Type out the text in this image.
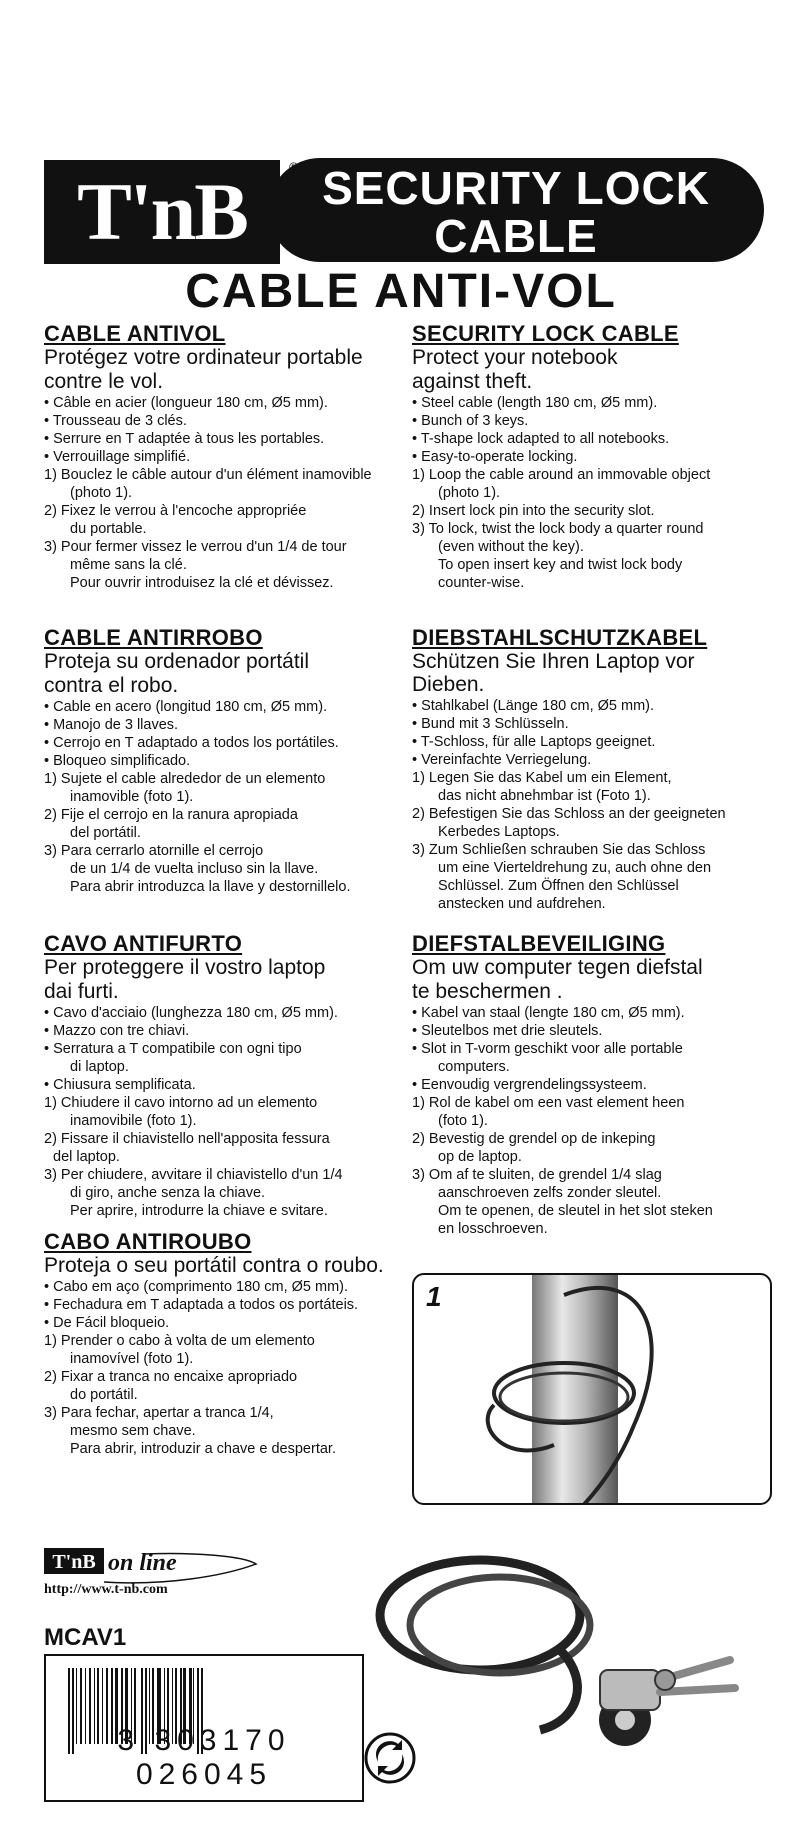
T'nB	SECURITY LOCK
CABLE
CABLE ANTI-VOL
CABLE ANTIVOL
Protégez votre ordinateur portable
contre le vol.
• Câble en acier (longueur 180 cm, Ø5 mm).
• Trousseau de 3 clés.
• Serrure en T adaptée à tous les portables.
• Verrouillage simplifié.
1) Bouclez le câble autour d'un élément inamovible
(photo 1).
2) Fixez le verrou à l'encoche appropriée
du portable.
3) Pour fermer vissez le verrou d'un 1/4 de tour
même sans la clé.
Pour ouvrir introduisez la clé et dévissez.
SECURITY LOCK CABLE
Protect your notebook
against theft.
• Steel cable (length 180 cm, Ø5 mm).
• Bunch of 3 keys.
• T-shape lock adapted to all notebooks.
• Easy-to-operate locking.
1) Loop the cable around an immovable object
(photo 1).
2) Insert lock pin into the security slot.
3) To lock, twist the lock body a quarter round
(even without the key).
To open insert key and twist lock body
counter-wise.
CABLE ANTIRROBO
Proteja su ordenador portátil
contra el robo.
• Cable en acero (longitud 180 cm, Ø5 mm).
• Manojo de 3 llaves.
• Cerrojo en T adaptado a todos los portátiles.
• Bloqueo simplificado.
1) Sujete el cable alrededor de un elemento
inamovible (foto 1).
2) Fije el cerrojo en la ranura apropiada
del portátil.
3) Para cerrarlo atornille el cerrojo
de un 1/4 de vuelta incluso sin la llave.
Para abrir introduzca la llave y destornillelo.
DIEBSTAHLSCHUTZKABEL
Schützen Sie Ihren Laptop vor Dieben.
• Stahlkabel (Länge 180 cm, Ø5 mm).
• Bund mit 3 Schlüsseln.
• T-Schloss, für alle Laptops geeignet.
• Vereinfachte Verriegelung.
1) Legen Sie das Kabel um ein Element,
das nicht abnehmbar ist (Foto 1).
2) Befestigen Sie das Schloss an der geeigneten
Kerbedes Laptops.
3) Zum Schließen schrauben Sie das Schloss
um eine Vierteldrehung zu, auch ohne den
Schlüssel. Zum Öffnen den Schlüssel
anstecken und aufdrehen.
CAVO ANTIFURTO
Per proteggere il vostro laptop
dai furti.
• Cavo d'acciaio (lunghezza 180 cm, Ø5 mm).
• Mazzo con tre chiavi.
• Serratura a T compatibile con ogni tipo
di laptop.
• Chiusura semplificata.
1) Chiudere il cavo intorno ad un elemento
inamovibile (foto 1).
2) Fissare il chiavistello nell'apposita fessura
del laptop.
3) Per chiudere, avvitare il chiavistello d'un 1/4
di giro, anche senza la chiave.
Per aprire, introdurre la chiave e svitare.
DIEFSTALBEVEILIGING
Om uw computer tegen diefstal
te beschermen .
• Kabel van staal (lengte 180 cm, Ø5 mm).
• Sleutelbos met drie sleutels.
• Slot in T-vorm geschikt voor alle portable
computers.
• Eenvoudig vergrendelingssysteem.
1) Rol de kabel om een vast element heen
(foto 1).
2) Bevestig de grendel op de inkeping
op de laptop.
3) Om af te sluiten, de grendel 1/4 slag
aanschroeven zelfs zonder sleutel.
Om te openen, de sleutel in het slot steken
en losschroeven.
CABO ANTIROUBO
Proteja o seu portátil contra o roubo.
• Cabo em aço (comprimento 180 cm, Ø5 mm).
• Fechadura em T adaptada a todos os portáteis.
• De Fácil bloqueio.
1) Prender o cabo à volta de um elemento
inamovível (foto 1).
2) Fixar a tranca no encaixe apropriado
do portátil.
3) Para fechar, apertar a tranca 1/4,
mesmo sem chave.
Para abrir, introduzir a chave e despertar.
1
T'nB on line
http://www.t-nb.com
MCAV1
3 303170 026045
